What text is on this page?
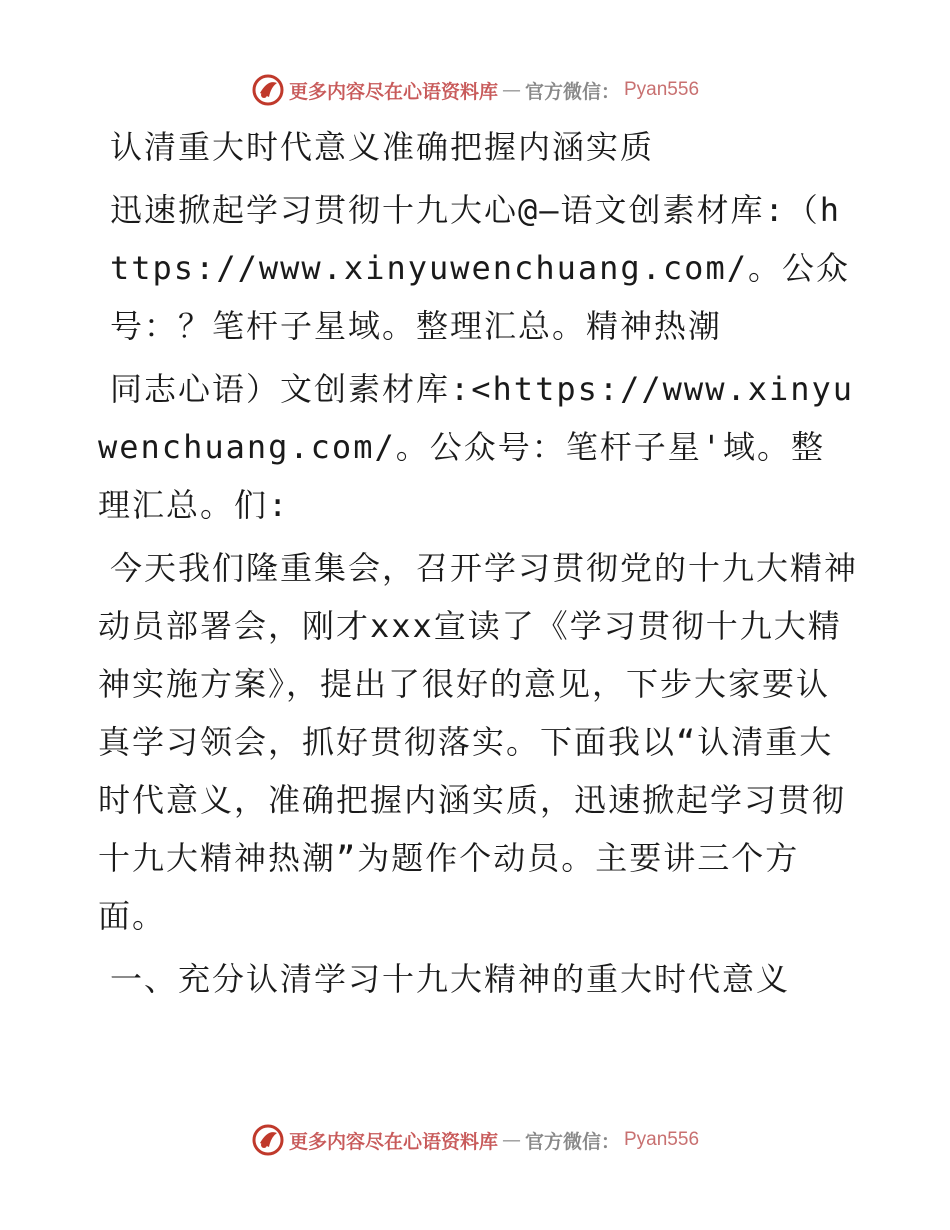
更多内容尽在心语资料库 — 官方微信： Pyan556

认清重大时代意义准确把握内涵实质

迅速掀起学习贯彻十九大心@—语文创素材库:（https://www.xinyuwenchuang.com/。公众号：？笔杆子星域。整理汇总。精神热潮

同志心语）文创素材库:<https://www.xinyuwenchuang.com/。公众号：笔杆子星'域。整理汇总。们:

今天我们隆重集会，召开学习贯彻党的十九大精神动员部署会，刚才xxx宣读了《学习贯彻十九大精神实施方案》，提出了很好的意见，下步大家要认真学习领会，抓好贯彻落实。下面我以“认清重大时代意义，准确把握内涵实质，迅速掀起学习贯彻十九大精神热潮”为题作个动员。主要讲三个方面。

一、充分认清学习十九大精神的重大时代意义

更多内容尽在心语资料库 — 官方微信： Pyan556
